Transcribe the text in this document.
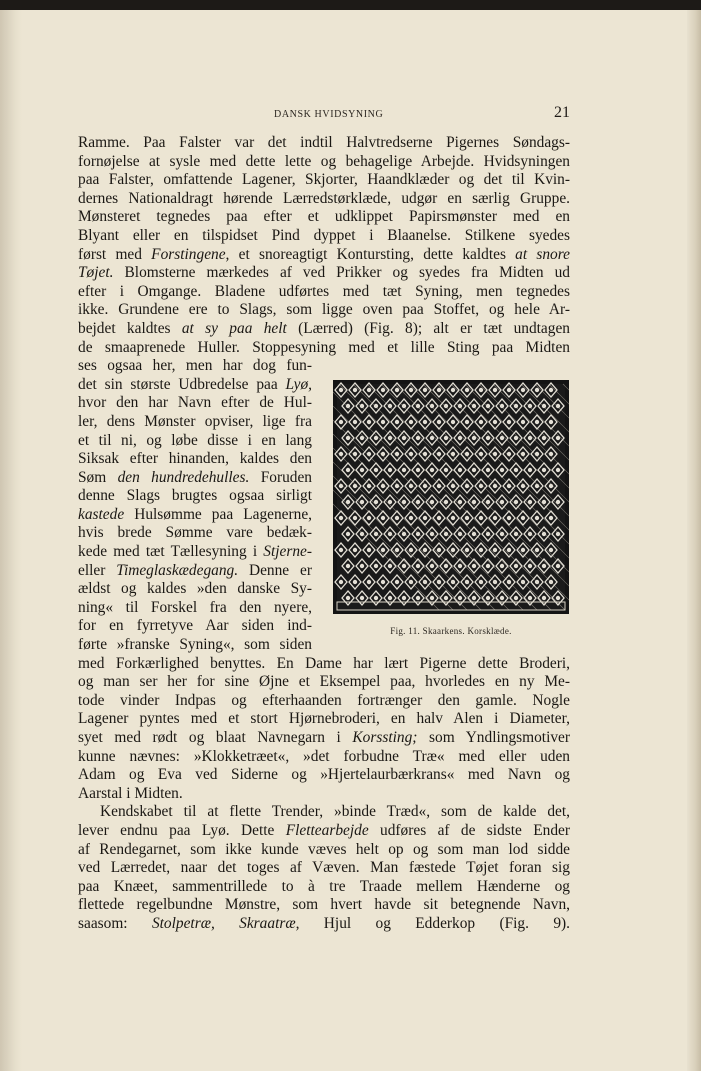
DANSK HVIDSYNING	21
Ramme. Paa Falster var det indtil Halvtredserne Pigernes Søndags-
fornøjelse at sysle med dette lette og behagelige Arbejde. Hvidsyningen
paa Falster, omfattende Lagener, Skjorter, Haandklæder og det til Kvin-
dernes Nationaldragt hørende Lærredstørklæde, udgør en særlig Gruppe.
Mønsteret tegnedes paa efter et udklippet Papirsmønster med en
Blyant eller en tilspidset Pind dyppet i Blaanelse. Stilkene syedes
først med Forstingene, et snoreagtigt Kontursting, dette kaldtes at snore
Tøjet. Blomsterne mærkedes af ved Prikker og syedes fra Midten ud
efter i Omgange. Bladene udførtes med tæt Syning, men tegnedes
ikke. Grundene ere to Slags, som ligge oven paa Stoffet, og hele Ar-
bejdet kaldtes at sy paa helt (Lærred) (Fig. 8); alt er tæt undtagen
de smaaprenede Huller. Stoppesyning med et lille Sting paa Midten
ses ogsaa her, men har dog fun-
det sin største Udbredelse paa Lyø,
hvor den har Navn efter de Hul-
ler, dens Mønster opviser, lige fra
et til ni, og løbe disse i en lang
Siksak efter hinanden, kaldes den
Søm den hundredehulles. Foruden
denne Slags brugtes ogsaa sirligt
kastede Hulsømme paa Lagenerne,
hvis brede Sømme vare bedæk-
kede med tæt Tællesyning i Stjerne-
eller Timeglaskædegang. Denne er
ældst og kaldes »den danske Sy-
ning« til Forskel fra den nyere,
for en fyrretyve Aar siden ind-
førte »franske Syning«, som siden
med Forkærlighed benyttes. En Dame har lært Pigerne dette Broderi,
og man ser her for sine Øjne et Eksempel paa, hvorledes en ny Me-
tode vinder Indpas og efterhaanden fortrænger den gamle. Nogle
Lagener pyntes med et stort Hjørnebroderi, en halv Alen i Diameter,
syet med rødt og blaat Navnegarn i Korssting; som Yndlingsmotiver
kunne nævnes: »Klokketræet«, »det forbudne Træ« med eller uden
Adam og Eva ved Siderne og »Hjertelaurbærkrans« med Navn og
Aarstal i Midten.
Kendskabet til at flette Trender, »binde Træd«, som de kalde det,
lever endnu paa Lyø. Dette Flettearbejde udføres af de sidste Ender
af Rendegarnet, som ikke kunde væves helt op og som man lod sidde
ved Lærredet, naar det toges af Væven. Man fæstede Tøjet foran sig
paa Knæet, sammentrillede to à tre Traade mellem Hænderne og
flettede regelbundne Mønstre, som hvert havde sit betegnende Navn,
saasom: Stolpetræ, Skraatræ, Hjul og Edderkop (Fig. 9).
Fig. 11. Skaarkens. Korsklæde.
